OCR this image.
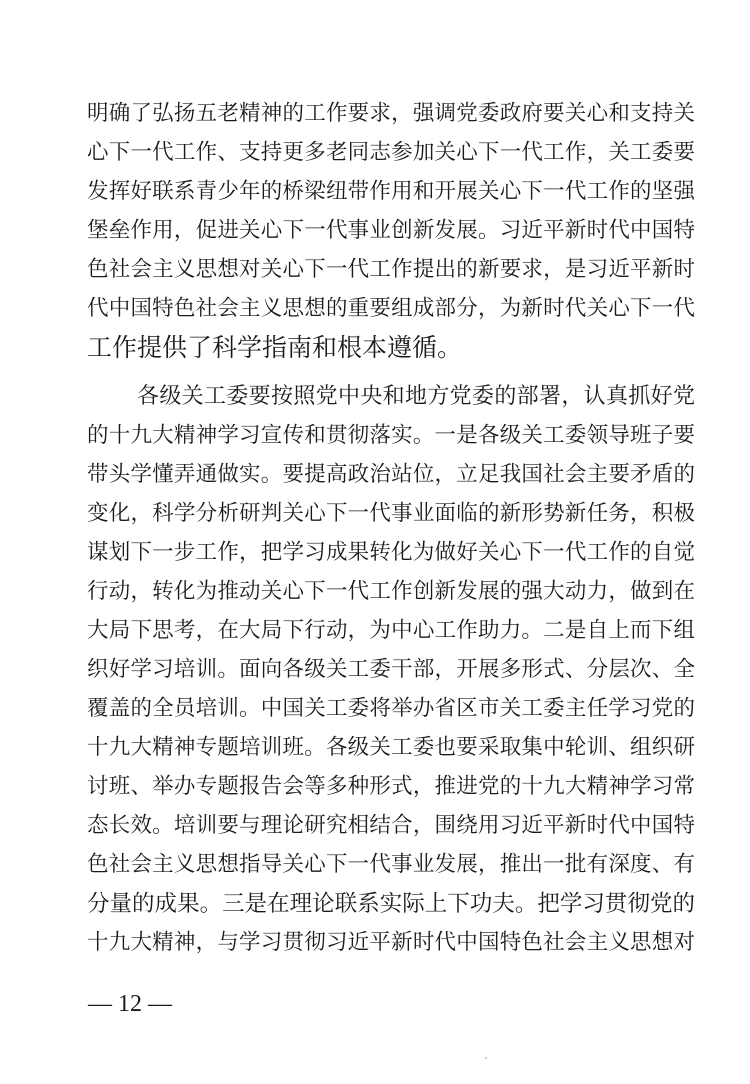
明确了弘扬五老精神的工作要求，强调党委政府要关心和支持关
心下一代工作、支持更多老同志参加关心下一代工作，关工委要
发挥好联系青少年的桥梁纽带作用和开展关心下一代工作的坚强
堡垒作用，促进关心下一代事业创新发展。习近平新时代中国特
色社会主义思想对关心下一代工作提出的新要求，是习近平新时
代中国特色社会主义思想的重要组成部分，为新时代关心下一代
工作提供了科学指南和根本遵循。
各级关工委要按照党中央和地方党委的部署，认真抓好党
的十九大精神学习宣传和贯彻落实。一是各级关工委领导班子要
带头学懂弄通做实。要提高政治站位，立足我国社会主要矛盾的
变化，科学分析研判关心下一代事业面临的新形势新任务，积极
谋划下一步工作，把学习成果转化为做好关心下一代工作的自觉
行动，转化为推动关心下一代工作创新发展的强大动力，做到在
大局下思考，在大局下行动，为中心工作助力。二是自上而下组
织好学习培训。面向各级关工委干部，开展多形式、分层次、全
覆盖的全员培训。中国关工委将举办省区市关工委主任学习党的
十九大精神专题培训班。各级关工委也要采取集中轮训、组织研
讨班、举办专题报告会等多种形式，推进党的十九大精神学习常
态长效。培训要与理论研究相结合，围绕用习近平新时代中国特
色社会主义思想指导关心下一代事业发展，推出一批有深度、有
分量的成果。三是在理论联系实际上下功夫。把学习贯彻党的
十九大精神，与学习贯彻习近平新时代中国特色社会主义思想对
— 12 —
